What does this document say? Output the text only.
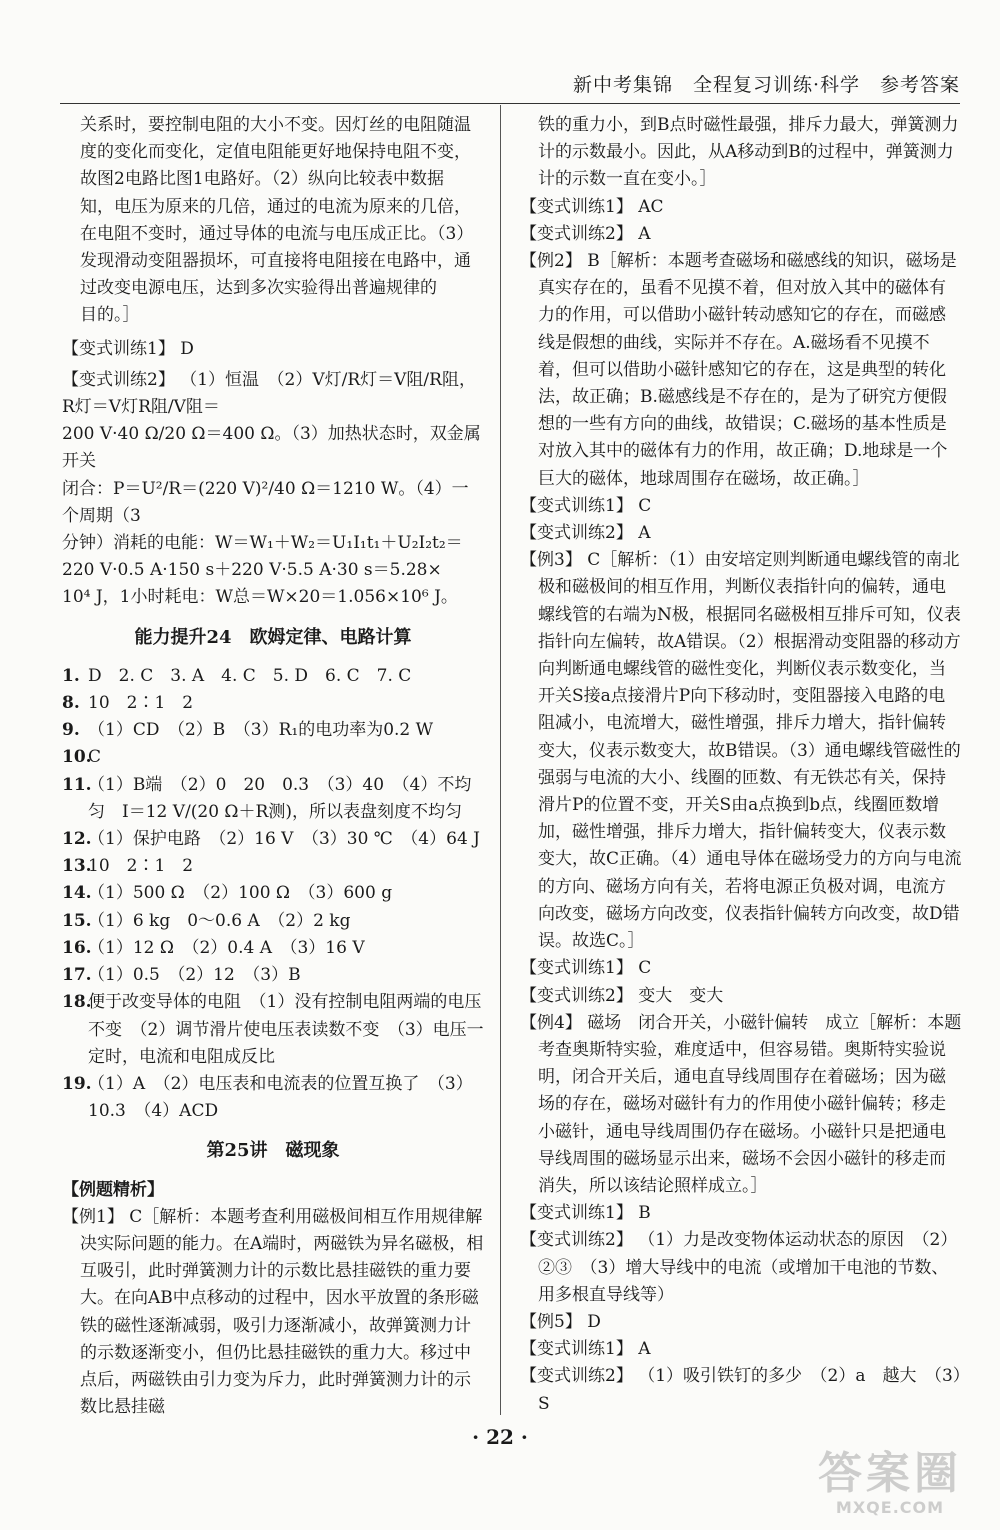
新中考集锦　全程复习训练·科学　参考答案

关系时，要控制电阻的大小不变。因灯丝的电阻随温

度的变化而变化，定值电阻能更好地保持电阻不变，

故图2电路比图1电路好。（2）纵向比较表中数据

知，电压为原来的几倍，通过的电流为原来的几倍，

在电阻不变时，通过导体的电流与电压成正比。（3）

发现滑动变阻器损坏，可直接将电阻接在电路中，通

过改变电源电压，达到多次实验得出普遍规律的

目的。］

【变式训练1】 D

【变式训练2】 （1）恒温　（2）V灯/R灯＝V阻/R阻，R灯＝V灯R阻/V阻＝

200 V·40 Ω/20 Ω＝400 Ω。（3）加热状态时，双金属开关

闭合：P＝U²/R＝(220 V)²/40 Ω＝1210 W。（4）一个周期（3

分钟）消耗的电能：W＝W₁＋W₂＝U₁I₁t₁＋U₂I₂t₂＝

220 V·0.5 A·150 s＋220 V·5.5 A·30 s＝5.28×

10⁴ J，1小时耗电：W总＝W×20＝1.056×10⁶ J。

能力提升24　欧姆定律、电路计算
1. D　2. C　3. A　4. C　5. D　6. C　7. C
8. 10　2∶1　2
9. （1）CD　（2）B　（3）R₁的电功率为0.2 W
10.
C
11.
（1）B端　（2）0　20　0.3　（3）40　（4）不均匀　I＝12 V/(20 Ω＋R测)，所以表盘刻度不均匀
12.
（1）保护电路　（2）16 V　（3）30 ℃　（4）64 J
13.
10　2∶1　2
14.
（1）500 Ω　（2）100 Ω　（3）600 g
15.
（1）6 kg　0～0.6 A　（2）2 kg
16.
（1）12 Ω　（2）0.4 A　（3）16 V
17.
（1）0.5　（2）12　（3）B
18.
便于改变导体的电阻　（1）没有控制电阻两端的电压不变　（2）调节滑片使电压表读数不变　（3）电压一定时，电流和电阻成反比
19.
（1）A　（2）电压表和电流表的位置互换了　（3）10.3　（4）ACD
第25讲　磁现象

【例题精析】

【例1】 C［解析：本题考查利用磁极间相互作用规律解决实际问题的能力。在A端时，两磁铁为异名磁极，相互吸引，此时弹簧测力计的示数比悬挂磁铁的重力要大。在向AB中点移动的过程中，因水平放置的条形磁铁的磁性逐渐减弱，吸引力逐渐减小，故弹簧测力计的示数逐渐变小，但仍比悬挂磁铁的重力大。移过中点后，两磁铁由引力变为斥力，此时弹簧测力计的示数比悬挂磁

铁的重力小，到B点时磁性最强，排斥力最大，弹簧测力计的示数最小。因此，从A移动到B的过程中，弹簧测力计的示数一直在变小。］

【变式训练1】 AC

【变式训练2】 A

【例2】 B［解析：本题考查磁场和磁感线的知识，磁场是真实存在的，虽看不见摸不着，但对放入其中的磁体有力的作用，可以借助小磁针转动感知它的存在，而磁感线是假想的曲线，实际并不存在。A.磁场看不见摸不着，但可以借助小磁针感知它的存在，这是典型的转化法，故正确；B.磁感线是不存在的，是为了研究方便假想的一些有方向的曲线，故错误；C.磁场的基本性质是对放入其中的磁体有力的作用，故正确；D.地球是一个巨大的磁体，地球周围存在磁场，故正确。］

【变式训练1】 C

【变式训练2】 A

【例3】 C［解析：（1）由安培定则判断通电螺线管的南北极和磁极间的相互作用，判断仪表指针向的偏转，通电螺线管的右端为N极，根据同名磁极相互排斥可知，仪表指针向左偏转，故A错误。（2）根据滑动变阻器的移动方向判断通电螺线管的磁性变化，判断仪表示数变化，当开关S接a点接滑片P向下移动时，变阻器接入电路的电阻减小，电流增大，磁性增强，排斥力增大，指针偏转变大，仪表示数变大，故B错误。（3）通电螺线管磁性的强弱与电流的大小、线圈的匝数、有无铁芯有关，保持滑片P的位置不变，开关S由a点换到b点，线圈匝数增加，磁性增强，排斥力增大，指针偏转变大，仪表示数变大，故C正确。（4）通电导体在磁场受力的方向与电流的方向、磁场方向有关，若将电源正负极对调，电流方向改变，磁场方向改变，仪表指针偏转方向改变，故D错误。故选C。］

【变式训练1】 C

【变式训练2】 变大　变大

【例4】 磁场　闭合开关，小磁针偏转　成立［解析：本题考查奥斯特实验，难度适中，但容易错。奥斯特实验说明，闭合开关后，通电直导线周围存在着磁场；因为磁场的存在，磁场对磁针有力的作用使小磁针偏转；移走小磁针，通电导线周围仍存在磁场。小磁针只是把通电导线周围的磁场显示出来，磁场不会因小磁针的移走而消失，所以该结论照样成立。］

【变式训练1】 B

【变式训练2】 （1）力是改变物体运动状态的原因　（2）②③　（3）增大导线中的电流（或增加干电池的节数、用多根直导线等）

【例5】 D

【变式训练1】 A

【变式训练2】 （1）吸引铁钉的多少　（2）a　越大　（3）S

· 22 ·
答案圈
MXQE.COM
